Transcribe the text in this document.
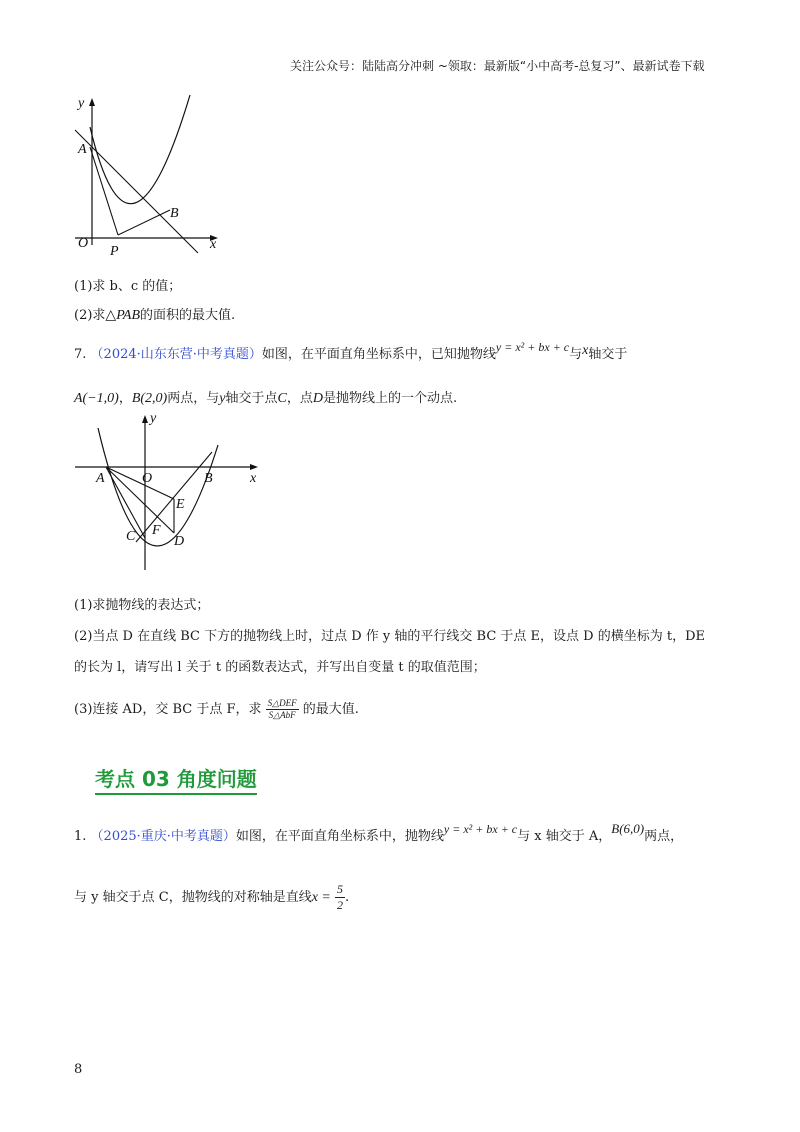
关注公众号：陆陆高分冲刺 ~领取：最新版“小中高考-总复习”、最新试卷下载
y
A
B
O
P	x
(1)求 b、c 的值；
(2)求△PAB的面积的最大值.
7. （2024·山东东营·中考真题）如图，在平面直角坐标系中，已知抛物线y = x² + bx + c与x轴交于
A(−1,0)，B(2,0)两点，与y轴交于点C，点D是抛物线上的一个动点.
y
A	O	B	x
E
C F
D
(1)求抛物线的表达式；
(2)当点 D 在直线 BC 下方的抛物线上时，过点 D 作 y 轴的平行线交 BC 于点 E，设点 D 的横坐标为 t，DE
的长为 l，请写出 l 关于 t 的函数表达式，并写出自变量 t 的取值范围；
(3)连接 AD，交 BC 于点 F，求 $\frac{\text{S△DEF}}{\text{S△AbF}}$ 的最大值.
考点 03 角度问题
1. （2025·重庆·中考真题）如图，在平面直角坐标系中，抛物线y = x² + bx + c与 x 轴交于 A，B(6,0)两点，
与 y 轴交于点 C，抛物线的对称轴是直线$x = \frac{5}{2}$ .
8
